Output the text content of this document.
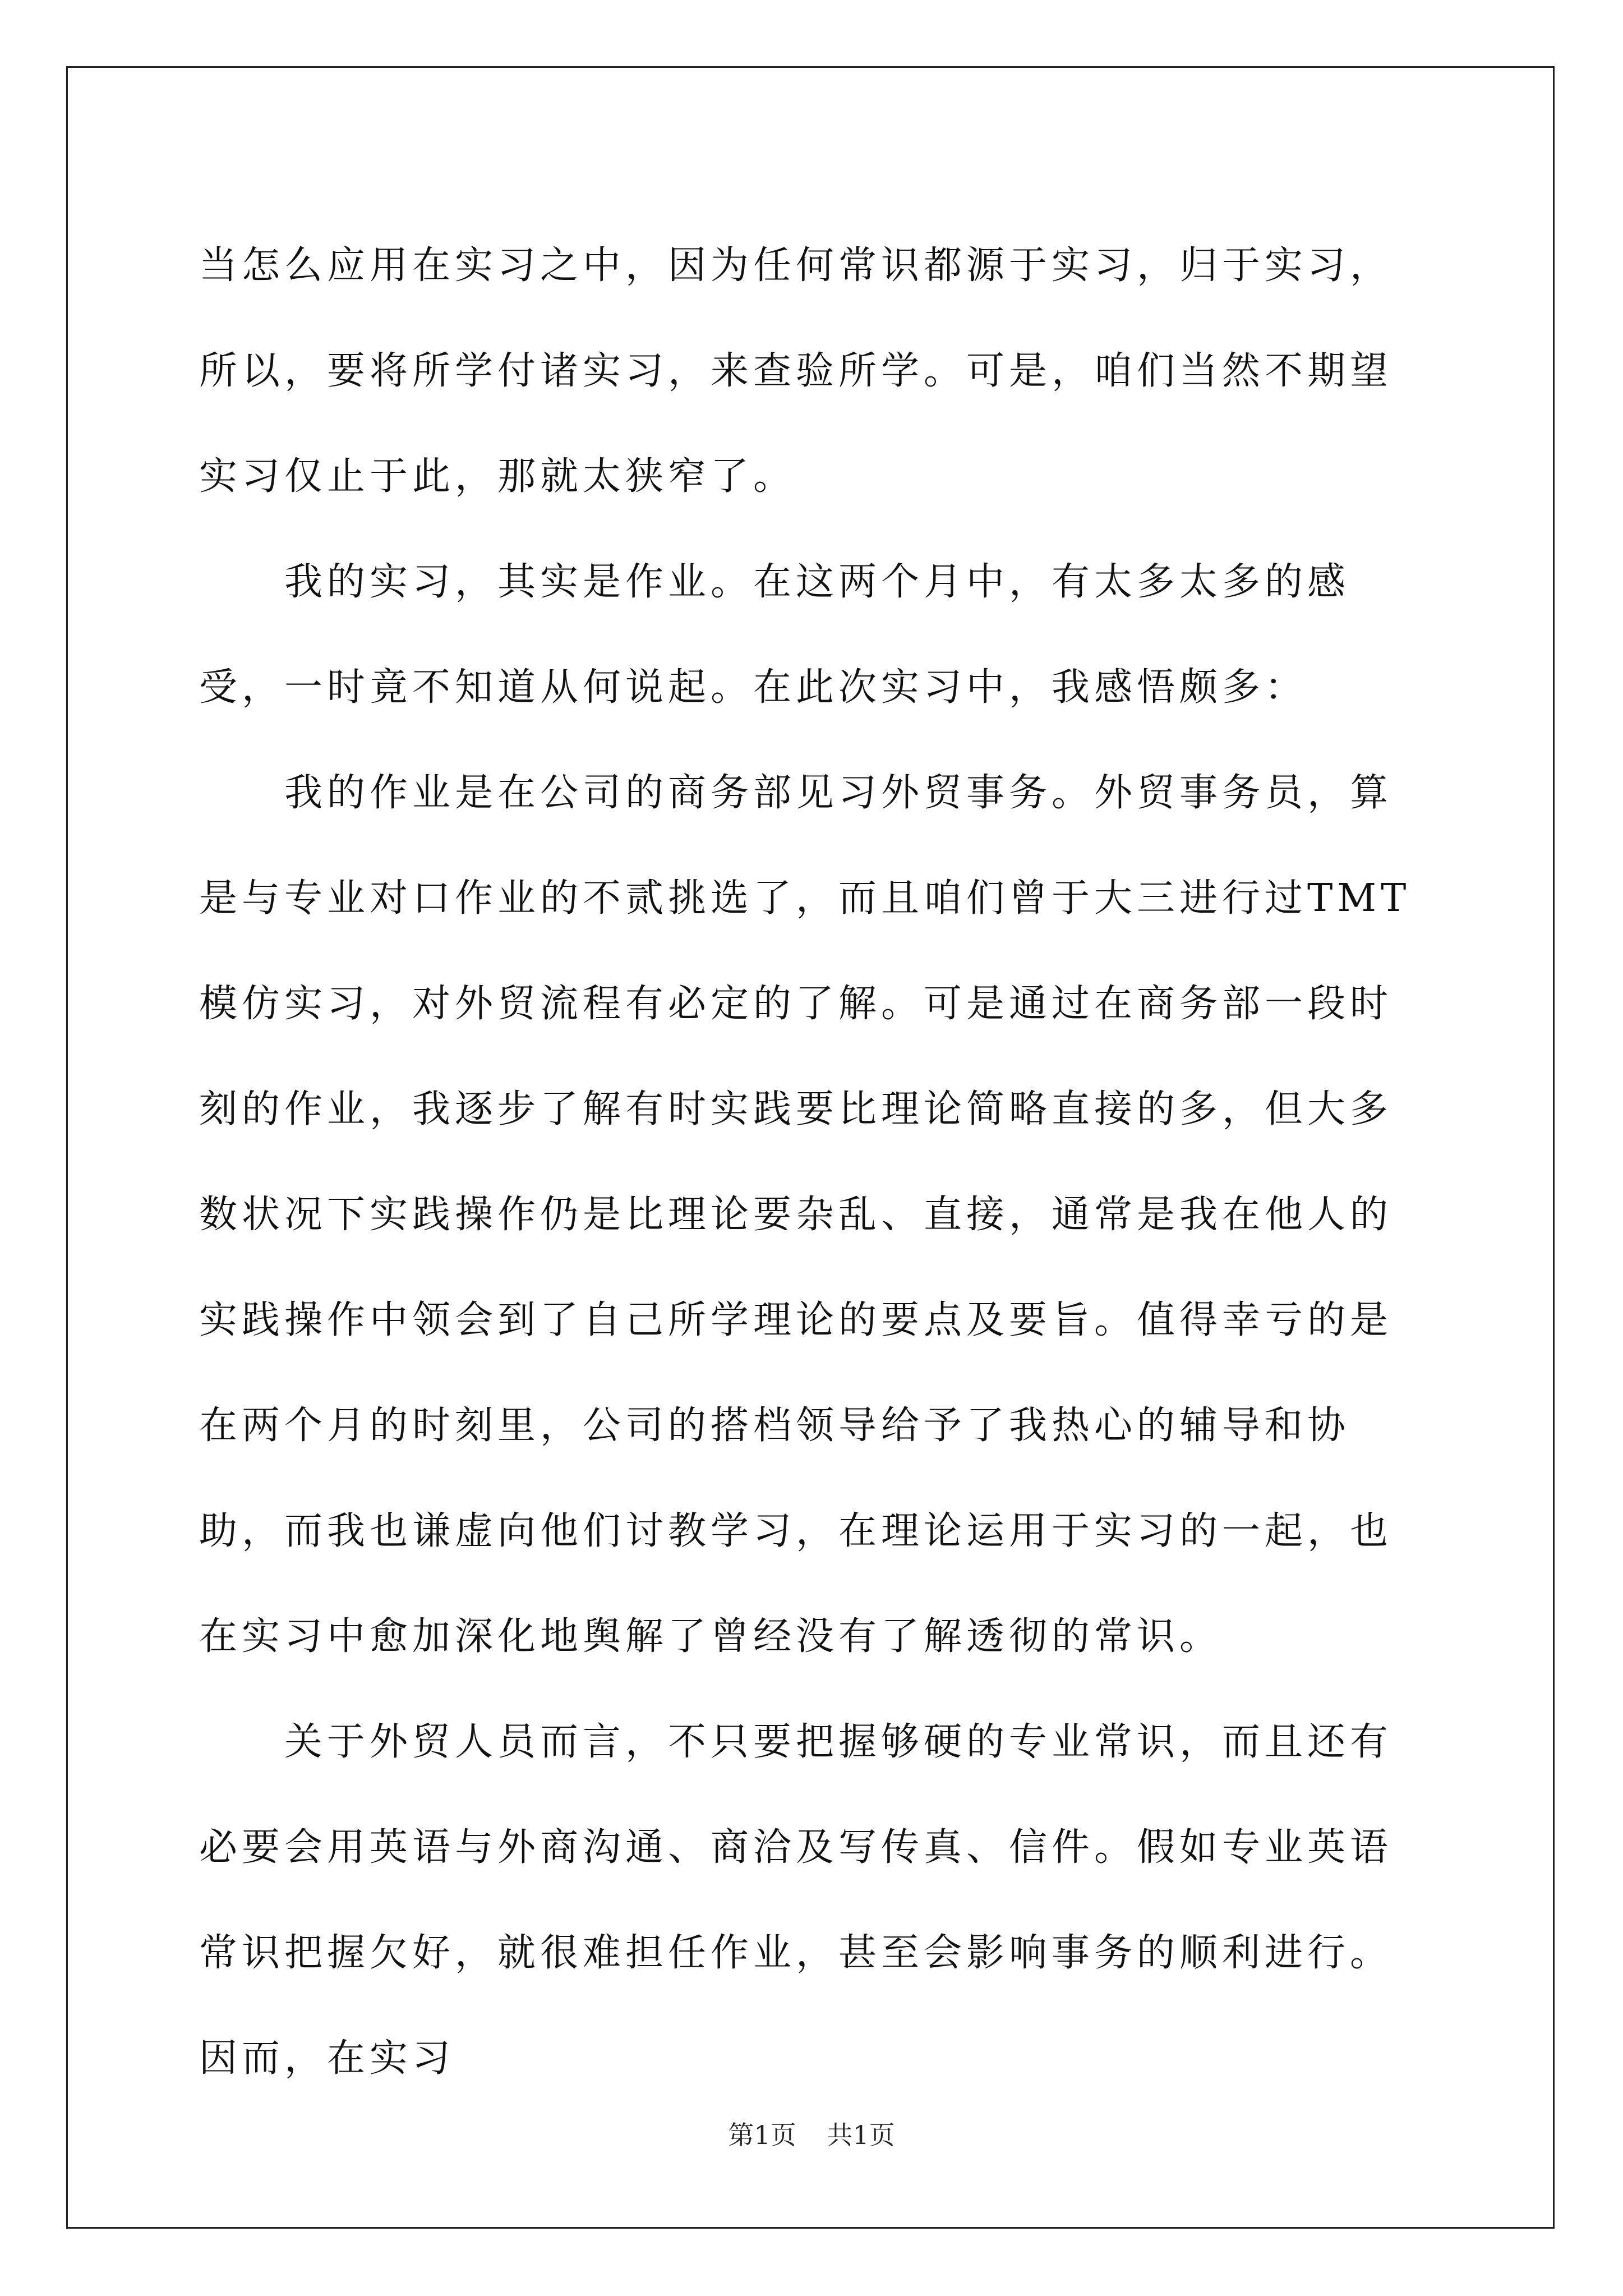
当怎么应用在实习之中，因为任何常识都源于实习，归于实习，所以，要将所学付诸实习，来查验所学。可是，咱们当然不期望实习仅止于此，那就太狭窄了。

我的实习，其实是作业。在这两个月中，有太多太多的感受，一时竟不知道从何说起。在此次实习中，我感悟颇多：

我的作业是在公司的商务部见习外贸事务。外贸事务员，算是与专业对口作业的不贰挑选了，而且咱们曾于大三进行过TMT模仿实习，对外贸流程有必定的了解。可是通过在商务部一段时刻的作业，我逐步了解有时实践要比理论简略直接的多，但大多数状况下实践操作仍是比理论要杂乱、直接，通常是我在他人的实践操作中领会到了自己所学理论的要点及要旨。值得幸亏的是在两个月的时刻里，公司的搭档领导给予了我热心的辅导和协助，而我也谦虚向他们讨教学习，在理论运用于实习的一起，也在实习中愈加深化地舆解了曾经没有了解透彻的常识。

关于外贸人员而言，不只要把握够硬的专业常识，而且还有必要会用英语与外商沟通、商洽及写传真、信件。假如专业英语常识把握欠好，就很难担任作业，甚至会影响事务的顺利进行。因而，在实习

第1页 共1页
